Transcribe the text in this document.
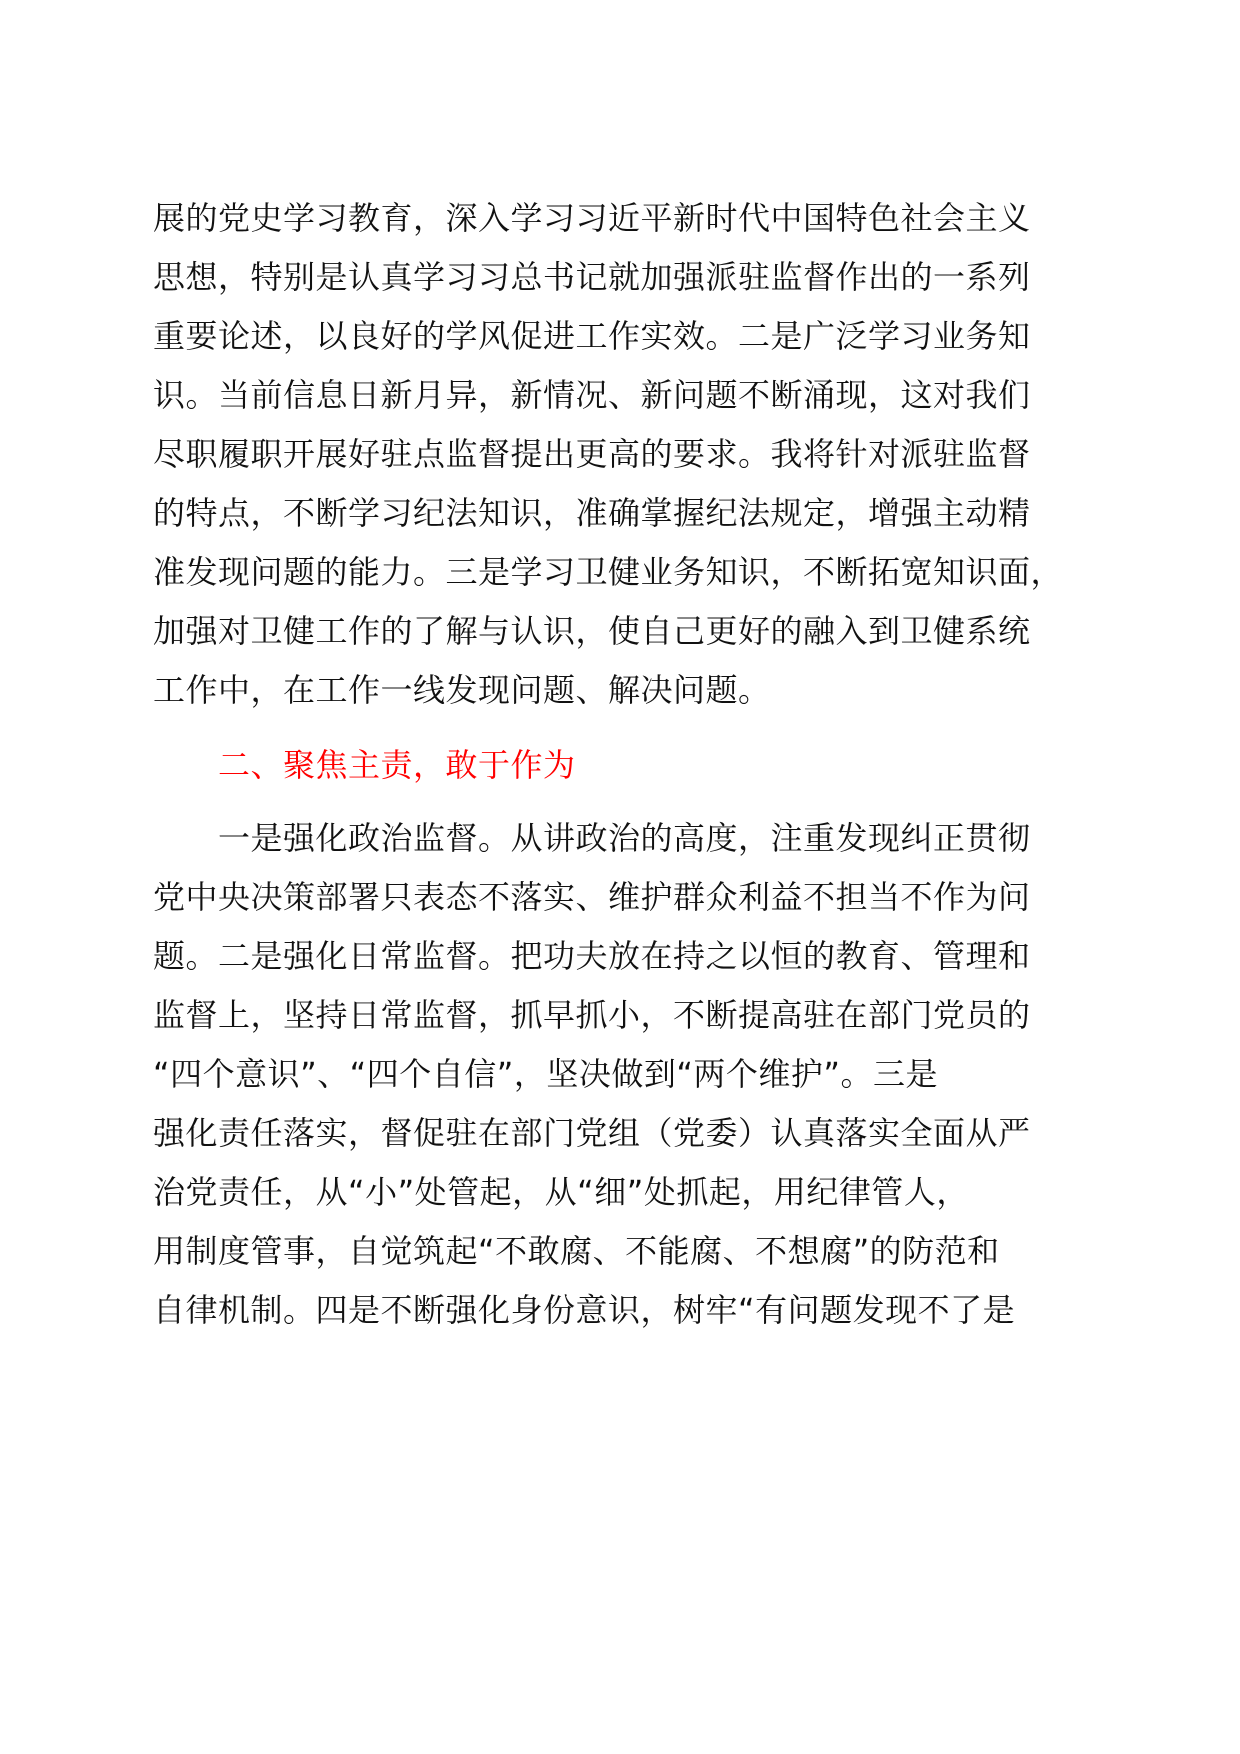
展的党史学习教育，深入学习习近平新时代中国特色社会主义
思想，特别是认真学习习总书记就加强派驻监督作出的一系列
重要论述，以良好的学风促进工作实效。二是广泛学习业务知
识。当前信息日新月异，新情况、新问题不断涌现，这对我们
尽职履职开展好驻点监督提出更高的要求。我将针对派驻监督
的特点，不断学习纪法知识，准确掌握纪法规定，增强主动精
准发现问题的能力。三是学习卫健业务知识，不断拓宽知识面，
加强对卫健工作的了解与认识，使自己更好的融入到卫健系统
工作中，在工作一线发现问题、解决问题。
二、聚焦主责，敢于作为
一是强化政治监督。从讲政治的高度，注重发现纠正贯彻
党中央决策部署只表态不落实、维护群众利益不担当不作为问
题。二是强化日常监督。把功夫放在持之以恒的教育、管理和
监督上，坚持日常监督，抓早抓小，不断提高驻在部门党员的
“四个意识”、“四个自信”，坚决做到“两个维护”。三是
强化责任落实，督促驻在部门党组（党委）认真落实全面从严
治党责任，从“小”处管起，从“细”处抓起，用纪律管人，
用制度管事，自觉筑起“不敢腐、不能腐、不想腐”的防范和
自律机制。四是不断强化身份意识，树牢“有问题发现不了是
